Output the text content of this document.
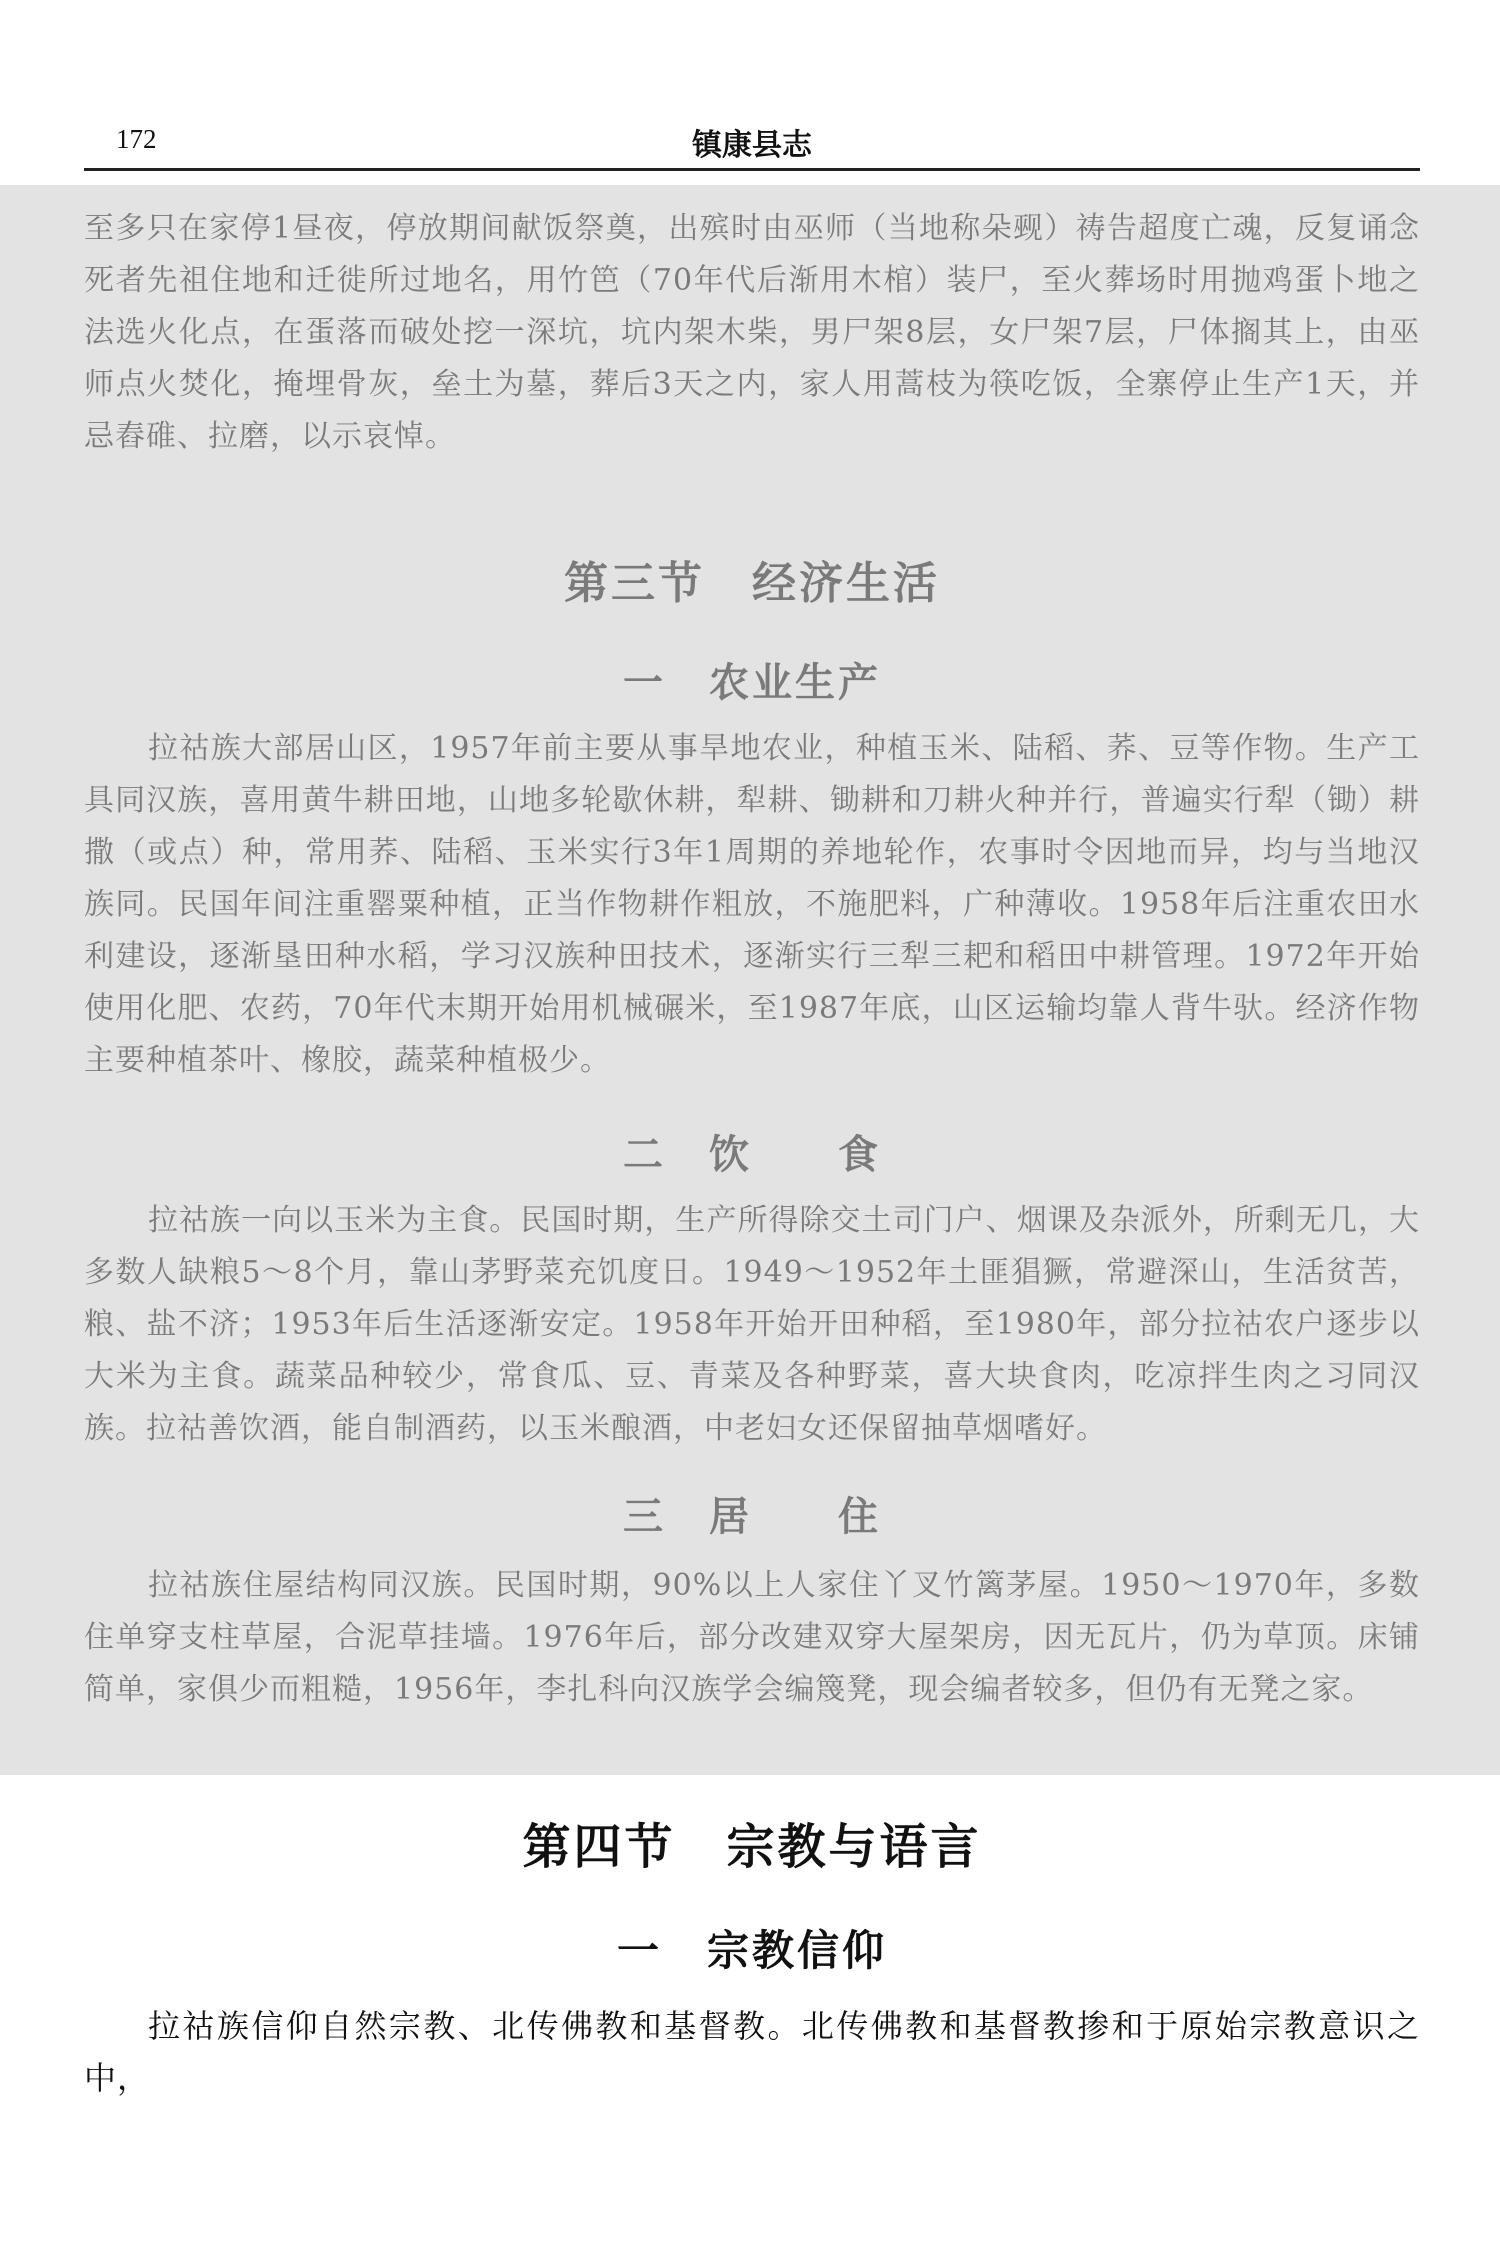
172	镇康县志

至多只在家停1昼夜，停放期间献饭祭奠，出殡时由巫师（当地称朵觋）祷告超度亡魂，反复诵念死者先祖住地和迁徙所过地名，用竹笆（70年代后渐用木棺）装尸，至火葬场时用抛鸡蛋卜地之法选火化点，在蛋落而破处挖一深坑，坑内架木柴，男尸架8层，女尸架7层，尸体搁其上，由巫师点火焚化，掩埋骨灰，垒土为墓，葬后3天之内，家人用蒿枝为筷吃饭，全寨停止生产1天，并忌舂碓、拉磨，以示哀悼。

第三节　经济生活
一　农业生产

拉祜族大部居山区，1957年前主要从事旱地农业，种植玉米、陆稻、荞、豆等作物。生产工具同汉族，喜用黄牛耕田地，山地多轮歇休耕，犁耕、锄耕和刀耕火种并行，普遍实行犁（锄）耕撒（或点）种，常用荞、陆稻、玉米实行3年1周期的养地轮作，农事时令因地而异，均与当地汉族同。民国年间注重罂粟种植，正当作物耕作粗放，不施肥料，广种薄收。1958年后注重农田水利建设，逐渐垦田种水稻，学习汉族种田技术，逐渐实行三犁三耙和稻田中耕管理。1972年开始使用化肥、农药，70年代末期开始用机械碾米，至1987年底，山区运输均靠人背牛驮。经济作物主要种植茶叶、橡胶，蔬菜种植极少。

二　饮　　食

拉祜族一向以玉米为主食。民国时期，生产所得除交土司门户、烟课及杂派外，所剩无几，大多数人缺粮5～8个月，靠山茅野菜充饥度日。1949～1952年土匪猖獗，常避深山，生活贫苦，粮、盐不济；1953年后生活逐渐安定。1958年开始开田种稻，至1980年，部分拉祜农户逐步以大米为主食。蔬菜品种较少，常食瓜、豆、青菜及各种野菜，喜大块食肉，吃凉拌生肉之习同汉族。拉祜善饮酒，能自制酒药，以玉米酿酒，中老妇女还保留抽草烟嗜好。

三　居　　住

拉祜族住屋结构同汉族。民国时期，90%以上人家住丫叉竹篱茅屋。1950～1970年，多数住单穿支柱草屋，合泥草挂墙。1976年后，部分改建双穿大屋架房，因无瓦片，仍为草顶。床铺简单，家俱少而粗糙，1956年，李扎科向汉族学会编篾凳，现会编者较多，但仍有无凳之家。

第四节　宗教与语言
一　宗教信仰

拉祜族信仰自然宗教、北传佛教和基督教。北传佛教和基督教掺和于原始宗教意识之中，
